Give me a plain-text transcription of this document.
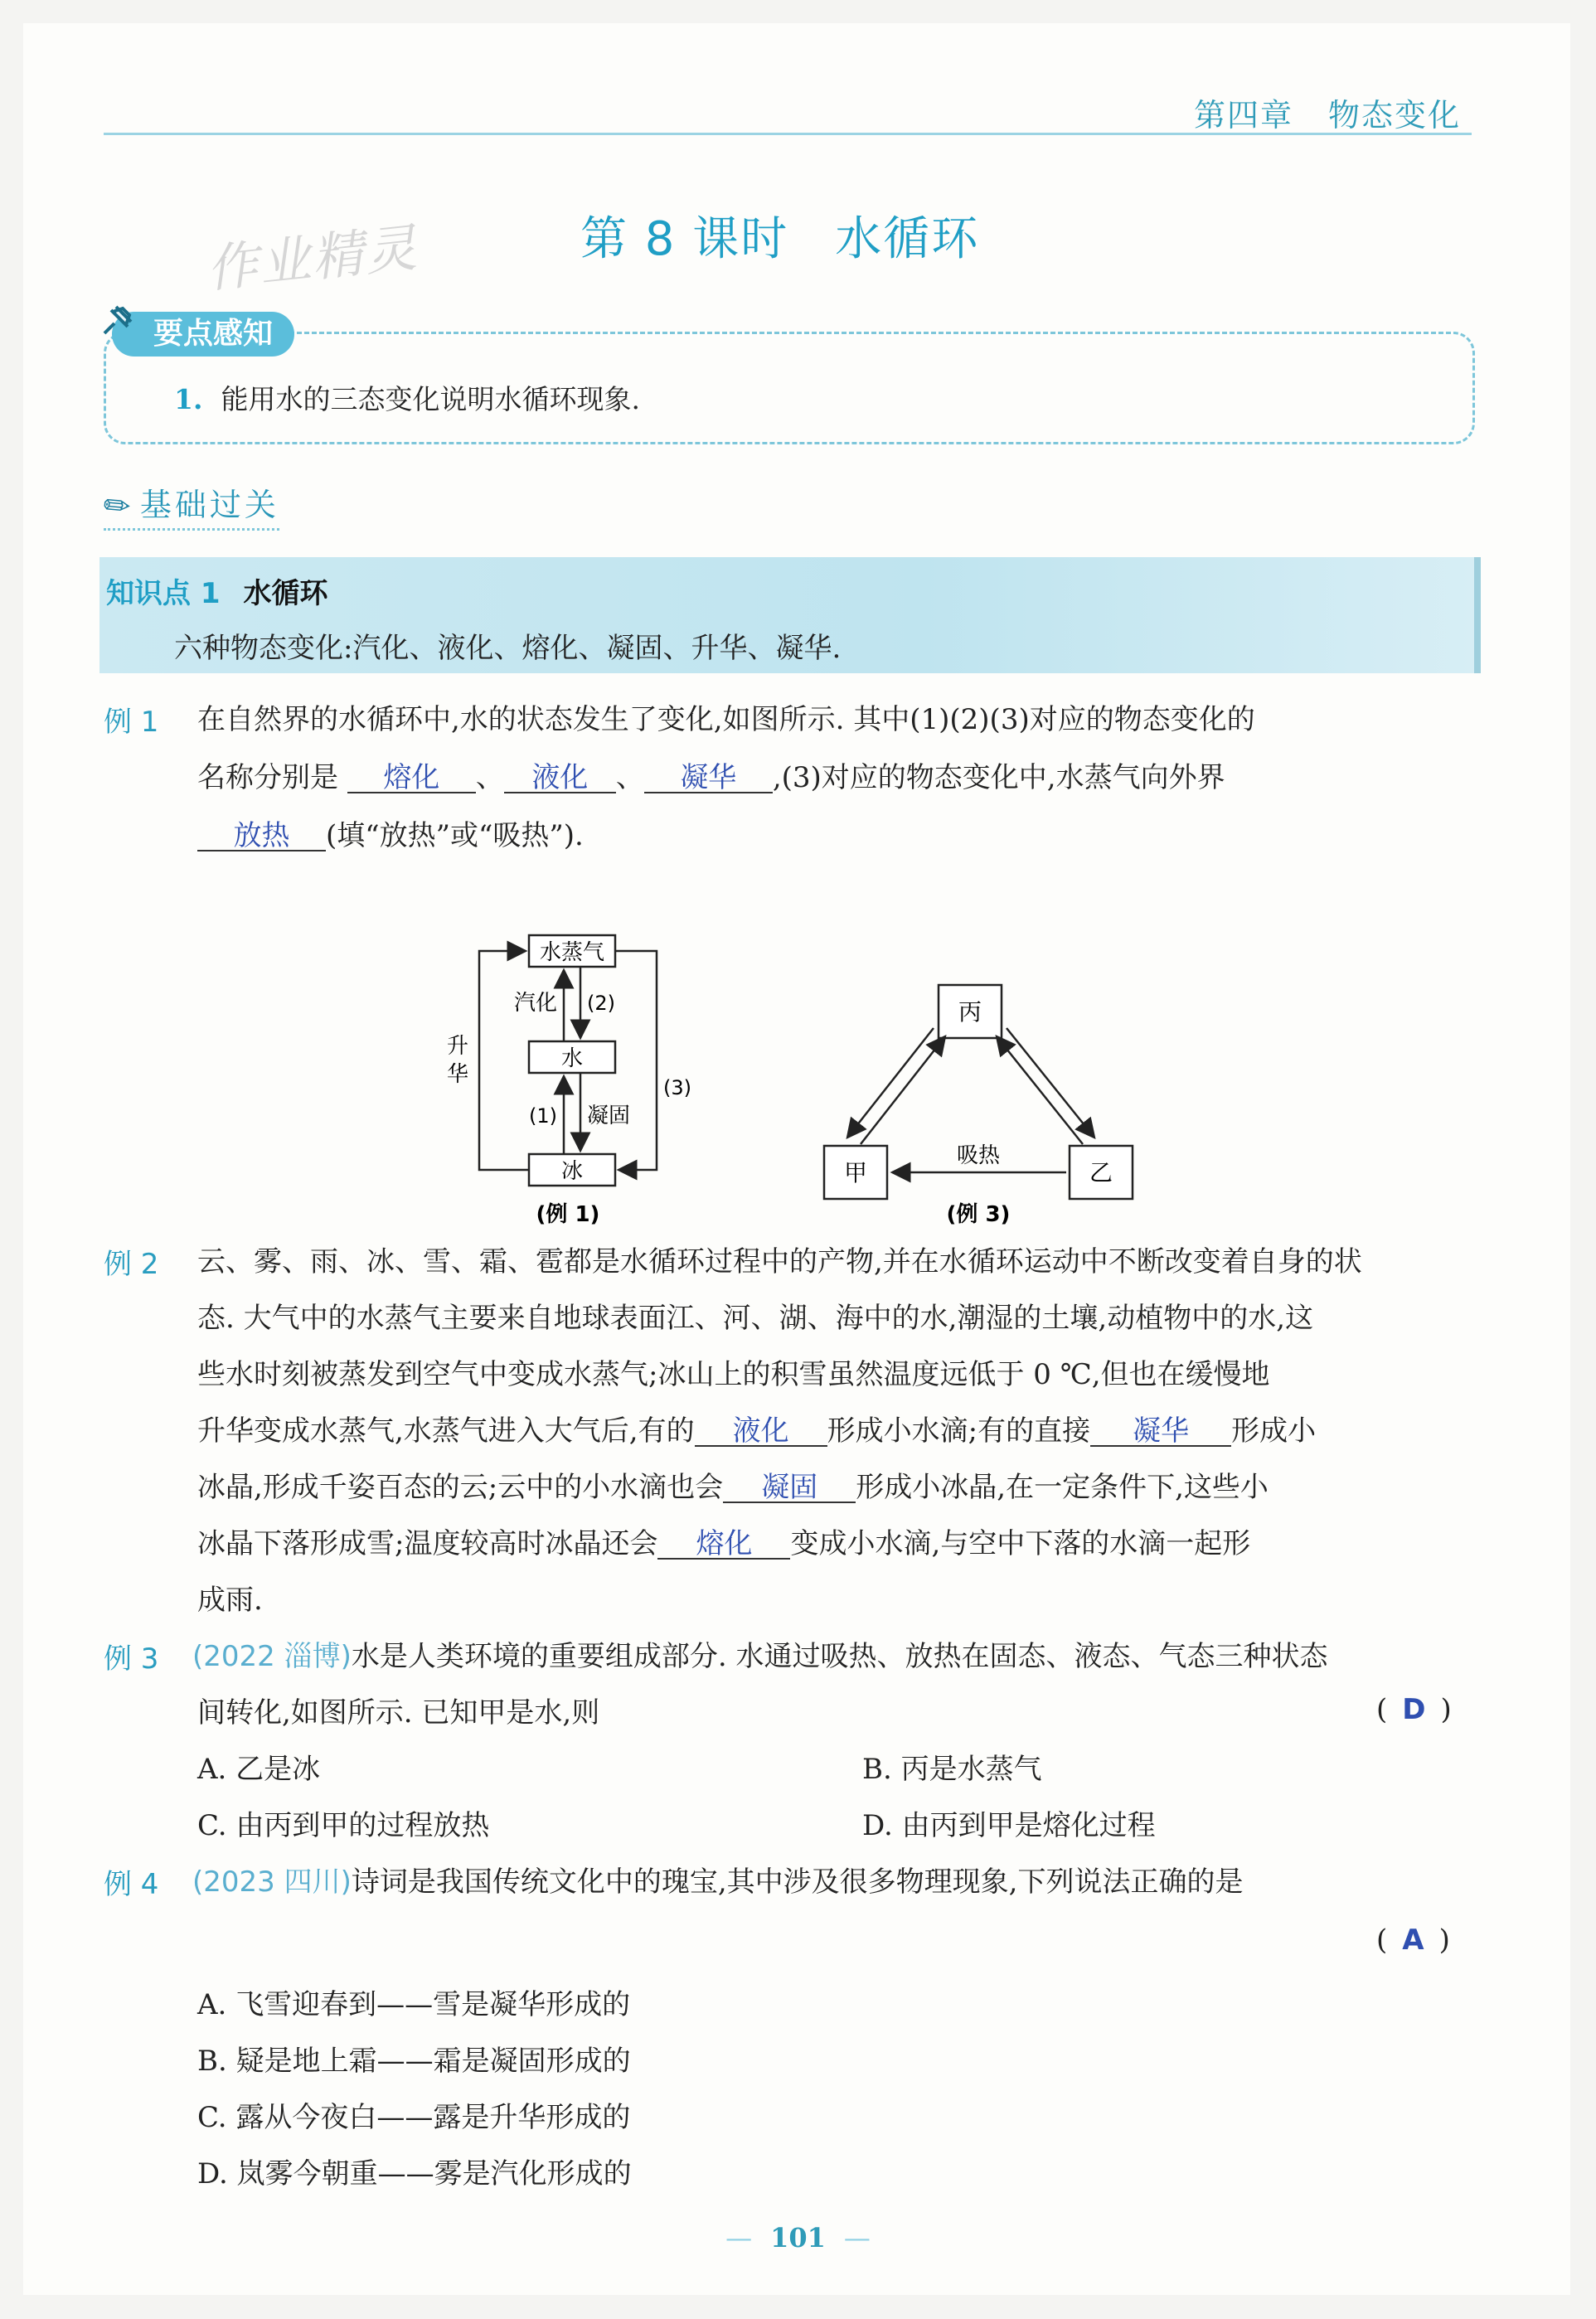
第四章 物态变化
作业精灵	第 8 课时 水循环
要点感知
1. 能用水的三态变化说明水循环现象.
✎基础过关
知识点 1 水循环
六种物态变化:汽化、液化、熔化、凝固、升华、凝华.
例 1 在自然界的水循环中,水的状态发生了变化,如图所示. 其中(1)(2)(3)对应的物态变化的
名称分别是 熔化 、 液化 、 凝华 ,(3)对应的物态变化中,水蒸气向外界
放热 (填“放热”或“吸热”).
水蒸气
水
冰
汽化 (2)
升
华
(1) 凝固
(3)
(例 1)
丙
甲	乙
吸热
(例 3)
例 2 云、雾、雨、冰、雪、霜、雹都是水循环过程中的产物,并在水循环运动中不断改变着自身的状
态. 大气中的水蒸气主要来自地球表面江、河、湖、海中的水,潮湿的土壤,动植物中的水,这
些水时刻被蒸发到空气中变成水蒸气;冰山上的积雪虽然温度远低于 0 ℃,但也在缓慢地
升华变成水蒸气,水蒸气进入大气后,有的 液化 形成小水滴;有的直接 凝华 形成小
冰晶,形成千姿百态的云;云中的小水滴也会 凝固 形成小冰晶,在一定条件下,这些小
冰晶下落形成雪;温度较高时冰晶还会 熔化 变成小水滴,与空中下落的水滴一起形
成雨.
例 3 (2022 淄博)水是人类环境的重要组成部分. 水通过吸热、放热在固态、液态、气态三种状态
间转化,如图所示. 已知甲是水,则	( D )
A. 乙是冰	B. 丙是水蒸气
C. 由丙到甲的过程放热	D. 由丙到甲是熔化过程
例 4 (2023 四川)诗词是我国传统文化中的瑰宝,其中涉及很多物理现象,下列说法正确的是
( A )
A. 飞雪迎春到——雪是凝华形成的
B. 疑是地上霜——霜是凝固形成的
C. 露从今夜白——露是升华形成的
D. 岚雾今朝重——雾是汽化形成的
— 101 —
